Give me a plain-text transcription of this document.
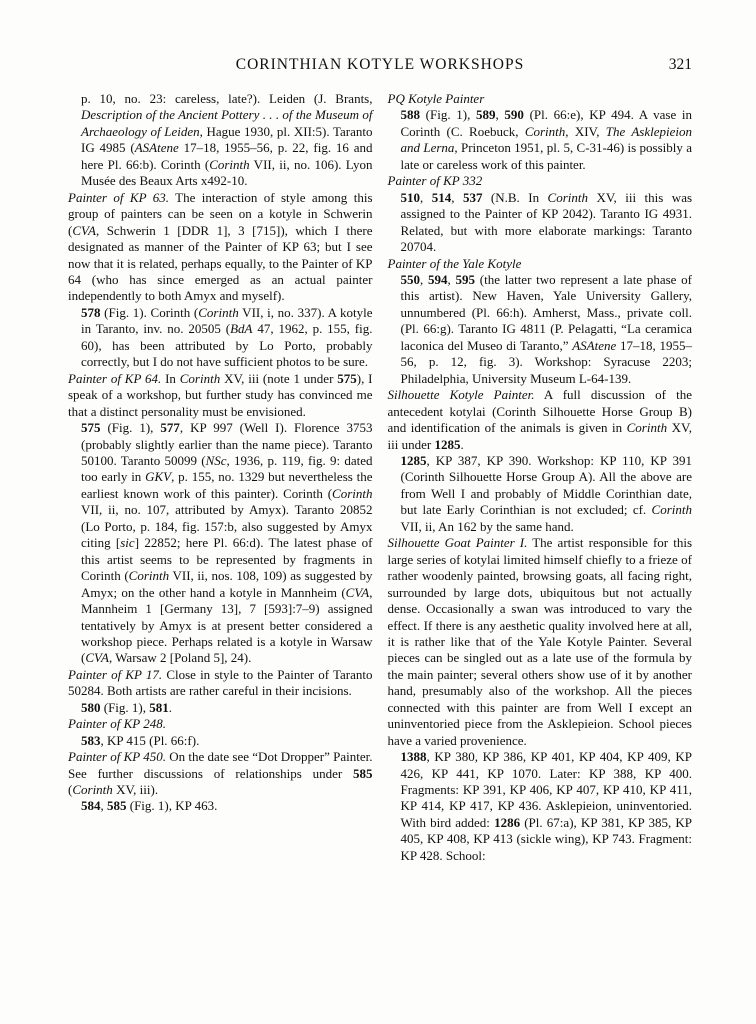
CORINTHIAN KOTYLE WORKSHOPS	321

p. 10, no. 23: careless, late?). Leiden (J. Brants, Description of the Ancient Pottery . . . of the Museum of Archaeology of Leiden, Hague 1930, pl. XII:5). Taranto IG 4985 (ASAtene 17–18, 1955–56, p. 22, fig. 16 and here Pl. 66:b). Corinth (Corinth VII, ii, no. 106). Lyon Musée des Beaux Arts x492-10.

Painter of KP 63. The interaction of style among this group of painters can be seen on a kotyle in Schwerin (CVA, Schwerin 1 [DDR 1], 3 [715]), which I there designated as manner of the Painter of KP 63; but I see now that it is related, perhaps equally, to the Painter of KP 64 (who has since emerged as an actual painter independently to both Amyx and myself).

578 (Fig. 1). Corinth (Corinth VII, i, no. 337). A kotyle in Taranto, inv. no. 20505 (BdA 47, 1962, p. 155, fig. 60), has been attributed by Lo Porto, probably correctly, but I do not have sufficient photos to be sure.

Painter of KP 64. In Corinth XV, iii (note 1 under 575), I speak of a workshop, but further study has convinced me that a distinct personality must be envisioned.

575 (Fig. 1), 577, KP 997 (Well I). Florence 3753 (probably slightly earlier than the name piece). Taranto 50100. Taranto 50099 (NSc, 1936, p. 119, fig. 9: dated too early in GKV, p. 155, no. 1329 but nevertheless the earliest known work of this painter). Corinth (Corinth VII, ii, no. 107, attributed by Amyx). Taranto 20852 (Lo Porto, p. 184, fig. 157:b, also suggested by Amyx citing [sic] 22852; here Pl. 66:d). The latest phase of this artist seems to be represented by fragments in Corinth (Corinth VII, ii, nos. 108, 109) as suggested by Amyx; on the other hand a kotyle in Mannheim (CVA, Mannheim 1 [Germany 13], 7 [593]:7–9) assigned tentatively by Amyx is at present better considered a workshop piece. Perhaps related is a kotyle in Warsaw (CVA, Warsaw 2 [Poland 5], 24).

Painter of KP 17. Close in style to the Painter of Taranto 50284. Both artists are rather careful in their incisions.

580 (Fig. 1), 581.

Painter of KP 248.

583, KP 415 (Pl. 66:f).

Painter of KP 450. On the date see “Dot Dropper” Painter. See further discussions of relationships under 585 (Corinth XV, iii).

584, 585 (Fig. 1), KP 463.

PQ Kotyle Painter

588 (Fig. 1), 589, 590 (Pl. 66:e), KP 494. A vase in Corinth (C. Roebuck, Corinth, XIV, The Asklepieion and Lerna, Princeton 1951, pl. 5, C-31-46) is possibly a late or careless work of this painter.

Painter of KP 332

510, 514, 537 (N.B. In Corinth XV, iii this was assigned to the Painter of KP 2042). Taranto IG 4931. Related, but with more elaborate markings: Taranto 20704.

Painter of the Yale Kotyle

550, 594, 595 (the latter two represent a late phase of this artist). New Haven, Yale University Gallery, unnumbered (Pl. 66:h). Amherst, Mass., private coll. (Pl. 66:g). Taranto IG 4811 (P. Pelagatti, “La ceramica laconica del Museo di Taranto,” ASAtene 17–18, 1955–56, p. 12, fig. 3). Workshop: Syracuse 2203; Philadelphia, University Museum L-64-139.

Silhouette Kotyle Painter. A full discussion of the antecedent kotylai (Corinth Silhouette Horse Group B) and identification of the animals is given in Corinth XV, iii under 1285.

1285, KP 387, KP 390. Workshop: KP 110, KP 391 (Corinth Silhouette Horse Group A). All the above are from Well I and probably of Middle Corinthian date, but late Early Corinthian is not excluded; cf. Corinth VII, ii, An 162 by the same hand.

Silhouette Goat Painter I. The artist responsible for this large series of kotylai limited himself chiefly to a frieze of rather woodenly painted, browsing goats, all facing right, surrounded by large dots, ubiquitous but not actually dense. Occasionally a swan was introduced to vary the effect. If there is any aesthetic quality involved here at all, it is rather like that of the Yale Kotyle Painter. Several pieces can be singled out as a late use of the formula by the main painter; several others show use of it by another hand, presumably also of the workshop. All the pieces connected with this painter are from Well I except an uninventoried piece from the Asklepieion. School pieces have a varied provenience.

1388, KP 380, KP 386, KP 401, KP 404, KP 409, KP 426, KP 441, KP 1070. Later: KP 388, KP 400. Fragments: KP 391, KP 406, KP 407, KP 410, KP 411, KP 414, KP 417, KP 436. Asklepieion, uninventoried. With bird added: 1286 (Pl. 67:a), KP 381, KP 385, KP 405, KP 408, KP 413 (sickle wing), KP 743. Fragment: KP 428. School:
